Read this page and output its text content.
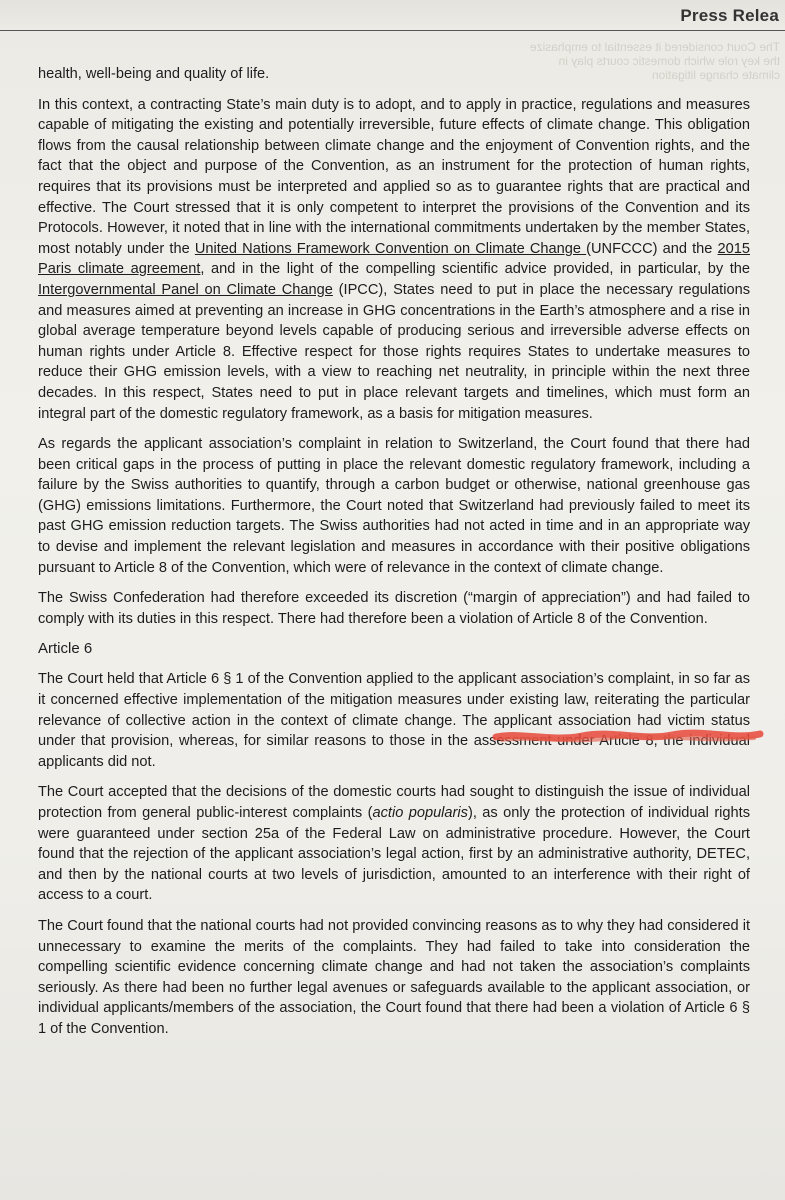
Press Relea
The Court considered it essential to emphasize the key role which domestic courts play in climate change litigation

health, well-being and quality of life.

In this context, a contracting State’s main duty is to adopt, and to apply in practice, regulations and measures capable of mitigating the existing and potentially irreversible, future effects of climate change. This obligation flows from the causal relationship between climate change and the enjoyment of Convention rights, and the fact that the object and purpose of the Convention, as an instrument for the protection of human rights, requires that its provisions must be interpreted and applied so as to guarantee rights that are practical and effective. The Court stressed that it is only competent to interpret the provisions of the Convention and its Protocols. However, it noted that in line with the international commitments undertaken by the member States, most notably under the United Nations Framework Convention on Climate Change (UNFCCC) and the 2015 Paris climate agreement, and in the light of the compelling scientific advice provided, in particular, by the Intergovernmental Panel on Climate Change (IPCC), States need to put in place the necessary regulations and measures aimed at preventing an increase in GHG concentrations in the Earth’s atmosphere and a rise in global average temperature beyond levels capable of producing serious and irreversible adverse effects on human rights under Article 8. Effective respect for those rights requires States to undertake measures to reduce their GHG emission levels, with a view to reaching net neutrality, in principle within the next three decades. In this respect, States need to put in place relevant targets and timelines, which must form an integral part of the domestic regulatory framework, as a basis for mitigation measures.

As regards the applicant association’s complaint in relation to Switzerland, the Court found that there had been critical gaps in the process of putting in place the relevant domestic regulatory framework, including a failure by the Swiss authorities to quantify, through a carbon budget or otherwise, national greenhouse gas (GHG) emissions limitations. Furthermore, the Court noted that Switzerland had previously failed to meet its past GHG emission reduction targets. The Swiss authorities had not acted in time and in an appropriate way to devise and implement the relevant legislation and measures in accordance with their positive obligations pursuant to Article 8 of the Convention, which were of relevance in the context of climate change.

The Swiss Confederation had therefore exceeded its discretion (“margin of appreciation”) and had failed to comply with its duties in this respect. There had therefore been a violation of Article 8 of the Convention.

Article 6

The Court held that Article 6 § 1 of the Convention applied to the applicant association’s complaint, in so far as it concerned effective implementation of the mitigation measures under existing law, reiterating the particular relevance of collective action in the context of climate change. The applicant association had victim status under that provision, whereas, for similar reasons to those in the assessment under Article 8, the individual applicants did not.

The Court accepted that the decisions of the domestic courts had sought to distinguish the issue of individual protection from general public-interest complaints (actio popularis), as only the protection of individual rights were guaranteed under section 25a of the Federal Law on administrative procedure. However, the Court found that the rejection of the applicant association’s legal action, first by an administrative authority, DETEC, and then by the national courts at two levels of jurisdiction, amounted to an interference with their right of access to a court.

The Court found that the national courts had not provided convincing reasons as to why they had considered it unnecessary to examine the merits of the complaints. They had failed to take into consideration the compelling scientific evidence concerning climate change and had not taken the association’s complaints seriously. As there had been no further legal avenues or safeguards available to the applicant association, or individual applicants/members of the association, the Court found that there had been a violation of Article 6 § 1 of the Convention.
